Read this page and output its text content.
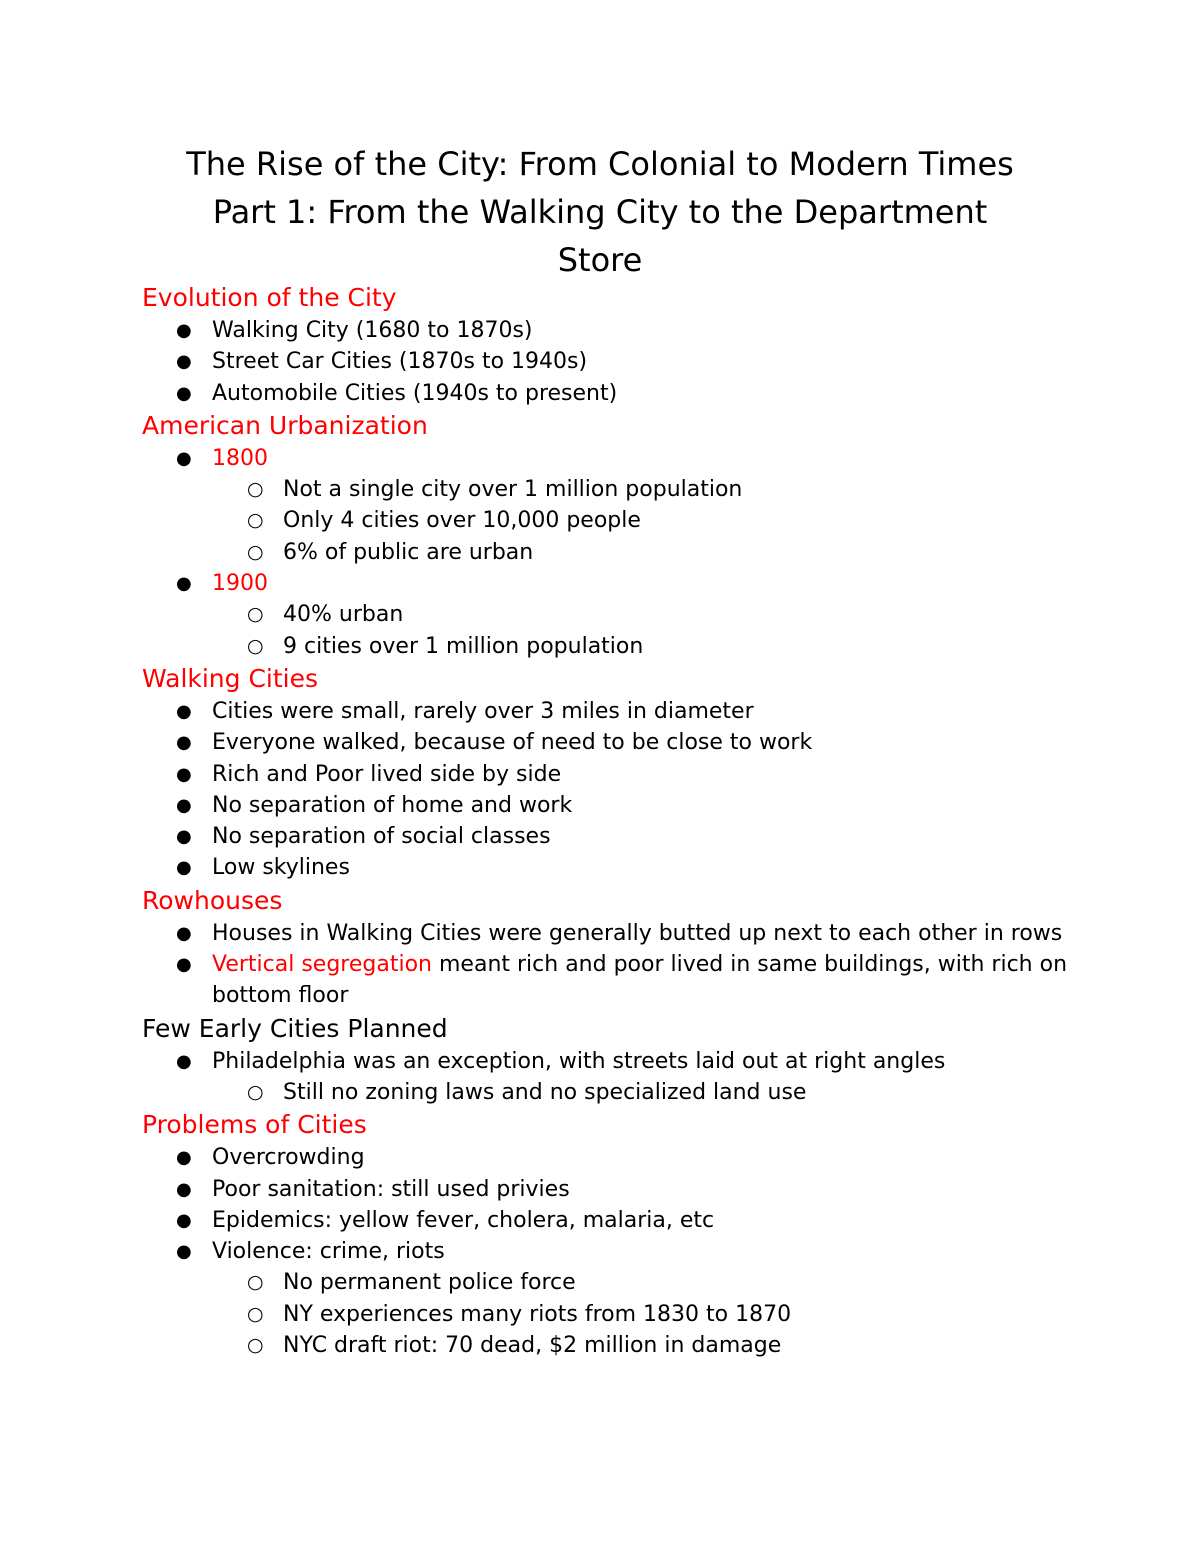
The Rise of the City: From Colonial to Modern Times
Part 1: From the Walking City to the Department
Store
Evolution of the City
● Walking City (1680 to 1870s)
● Street Car Cities (1870s to 1940s)
● Automobile Cities (1940s to present)
American Urbanization
● 1800
○ Not a single city over 1 million population
○ Only 4 cities over 10,000 people
○ 6% of public are urban
● 1900
○ 40% urban
○ 9 cities over 1 million population
Walking Cities
● Cities were small, rarely over 3 miles in diameter
● Everyone walked, because of need to be close to work
● Rich and Poor lived side by side
● No separation of home and work
● No separation of social classes
● Low skylines
Rowhouses
● Houses in Walking Cities were generally butted up next to each other in rows
● Vertical segregation meant rich and poor lived in same buildings, with rich on bottom floor
Few Early Cities Planned
● Philadelphia was an exception, with streets laid out at right angles
○ Still no zoning laws and no specialized land use
Problems of Cities
● Overcrowding
● Poor sanitation: still used privies
● Epidemics: yellow fever, cholera, malaria, etc
● Violence: crime, riots
○ No permanent police force
○ NY experiences many riots from 1830 to 1870
○ NYC draft riot: 70 dead, $2 million in damage
